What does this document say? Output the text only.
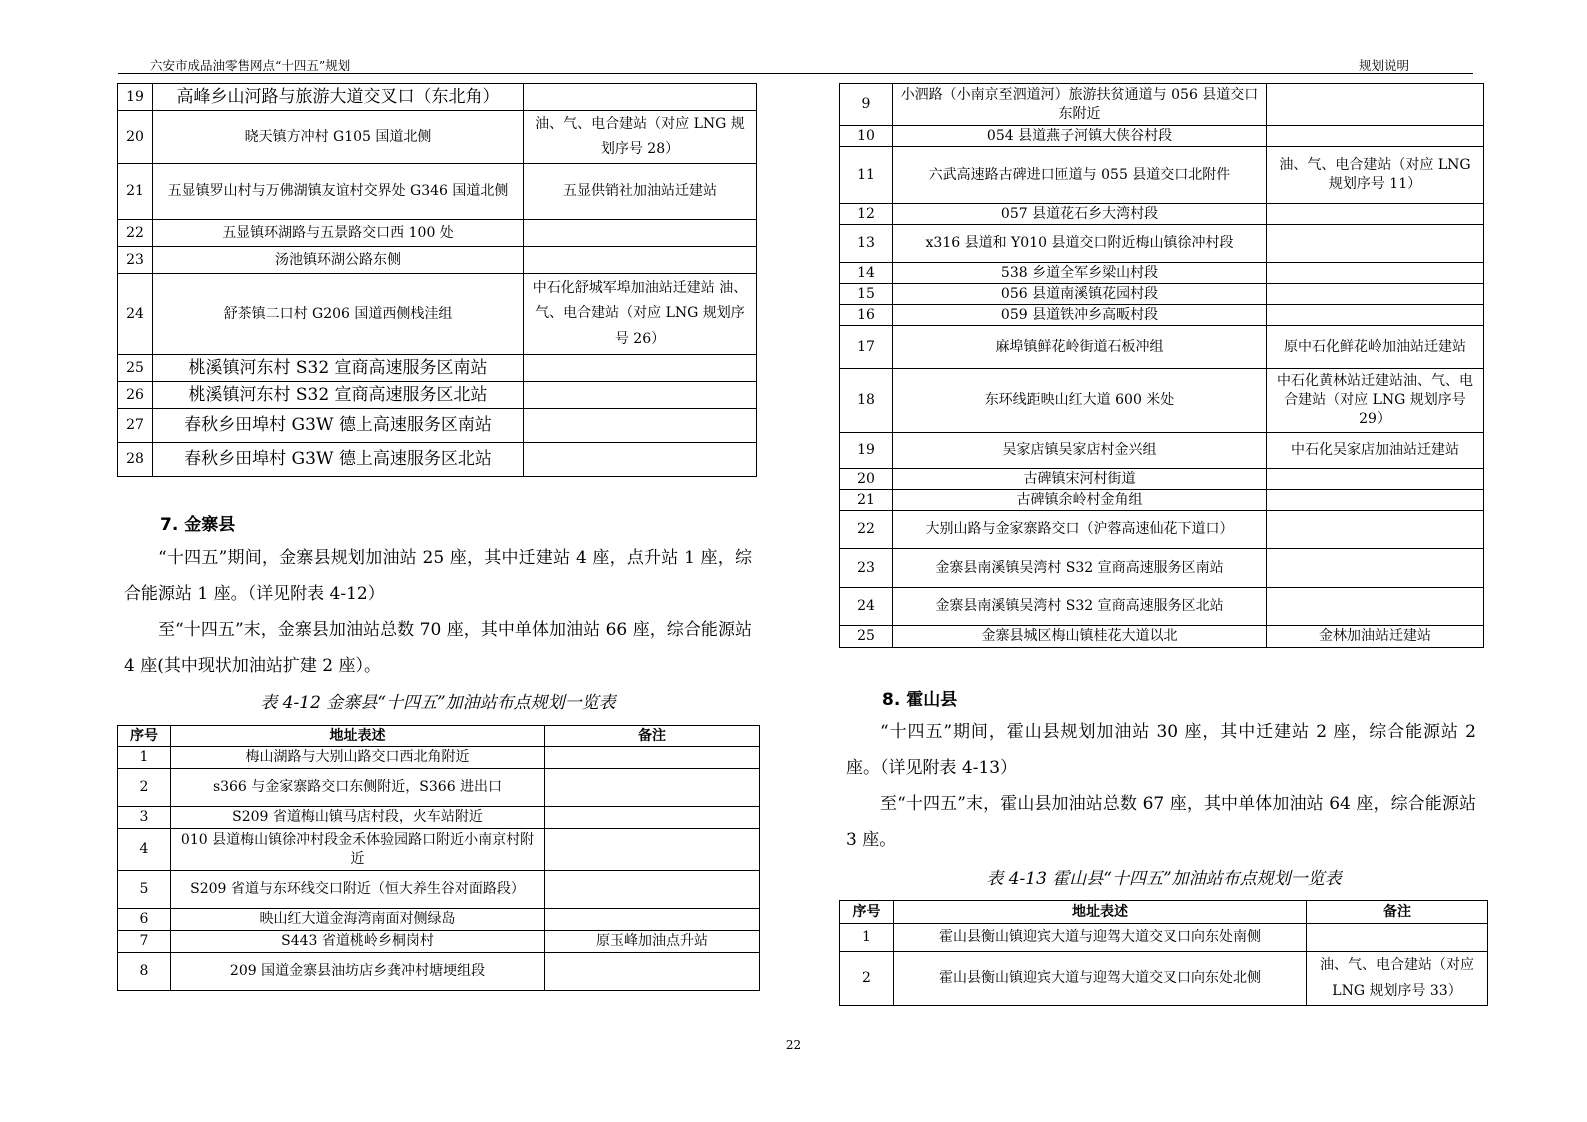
六安市成品油零售网点“十四五”规划	规划说明
19	高峰乡山河路与旅游大道交叉口（东北角）	
20	晓天镇方冲村 G105 国道北侧	油、气、电合建站（对应 LNG 规划序号 28）
21	五显镇罗山村与万佛湖镇友谊村交界处 G346 国道北侧	五显供销社加油站迁建站
22	五显镇环湖路与五景路交口西 100 处	
23	汤池镇环湖公路东侧	
24	舒茶镇二口村 G206 国道西侧栈洼组	中石化舒城军埠加油站迁建站 油、气、电合建站（对应 LNG 规划序号 26）
25	桃溪镇河东村 S32 宣商高速服务区南站	
26	桃溪镇河东村 S32 宣商高速服务区北站	
27	春秋乡田埠村 G3W 德上高速服务区南站	
28	春秋乡田埠村 G3W 德上高速服务区北站	
7. 金寨县
“十四五”期间，金寨县规划加油站 25 座，其中迁建站 4 座，点升站 1 座，综合能源站 1 座。（详见附表 4-12）
至“十四五”末，金寨县加油站总数 70 座，其中单体加油站 66 座，综合能源站 4 座(其中现状加油站扩建 2 座）。
表 4-12 金寨县“十四五”加油站布点规划一览表
序号	地址表述	备注
1	梅山湖路与大别山路交口西北角附近	
2	s366 与金家寨路交口东侧附近，S366 进出口	
3	S209 省道梅山镇马店村段，火车站附近	
4	010 县道梅山镇徐冲村段金禾体验园路口附近小南京村附近	
5	S209 省道与东环线交口附近（恒大养生谷对面路段）	
6	映山红大道金海湾南面对侧绿岛	
7	S443 省道桃岭乡桐岗村	原玉峰加油点升站
8	209 国道金寨县油坊店乡龚冲村塘埂组段	
9	小泗路（小南京至泗道河）旅游扶贫通道与 056 县道交口东附近	
10	054 县道燕子河镇大侠谷村段	
11	六武高速路古碑进口匝道与 055 县道交口北附件	油、气、电合建站（对应 LNG 规划序号 11）
12	057 县道花石乡大湾村段	
13	x316 县道和 Y010 县道交口附近梅山镇徐冲村段	
14	538 乡道全军乡梁山村段	
15	056 县道南溪镇花园村段	
16	059 县道铁冲乡高畈村段	
17	麻埠镇鲜花岭街道石板冲组	原中石化鲜花岭加油站迁建站
18	东环线距映山红大道 600 米处	中石化黄林站迁建站油、气、电合建站（对应 LNG 规划序号 29）
19	吴家店镇吴家店村金兴组	中石化吴家店加油站迁建站
20	古碑镇宋河村街道	
21	古碑镇余岭村金角组	
22	大别山路与金家寨路交口（沪蓉高速仙花下道口）	
23	金寨县南溪镇吴湾村 S32 宣商高速服务区南站	
24	金寨县南溪镇吴湾村 S32 宣商高速服务区北站	
25	金寨县城区梅山镇桂花大道以北	金林加油站迁建站
8. 霍山县
“十四五”期间，霍山县规划加油站 30 座，其中迁建站 2 座，综合能源站 2 座。（详见附表 4-13）
至“十四五”末，霍山县加油站总数 67 座，其中单体加油站 64 座，综合能源站 3 座。
表 4-13 霍山县“十四五”加油站布点规划一览表
序号	地址表述	备注
1	霍山县衡山镇迎宾大道与迎驾大道交叉口向东处南侧	
2	霍山县衡山镇迎宾大道与迎驾大道交叉口向东处北侧	油、气、电合建站（对应 LNG 规划序号 33）
22
